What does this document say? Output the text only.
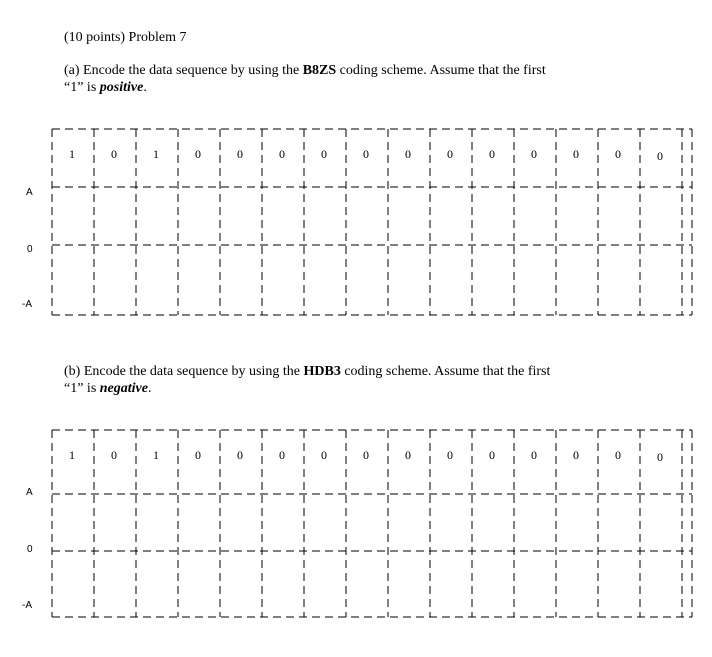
(10 points) Problem 7
(a) Encode the data sequence by using the B8ZS coding scheme. Assume that the first
“1” is positive.
(b) Encode the data sequence by using the HDB3 coding scheme. Assume that the first
“1” is negative.
A
0
-A
A
0
-A
1	0	1	0	0	0	0	0	0	0	0	0	0	0	0
1	0	1	0	0	0	0	0	0	0	0	0	0	0	0
